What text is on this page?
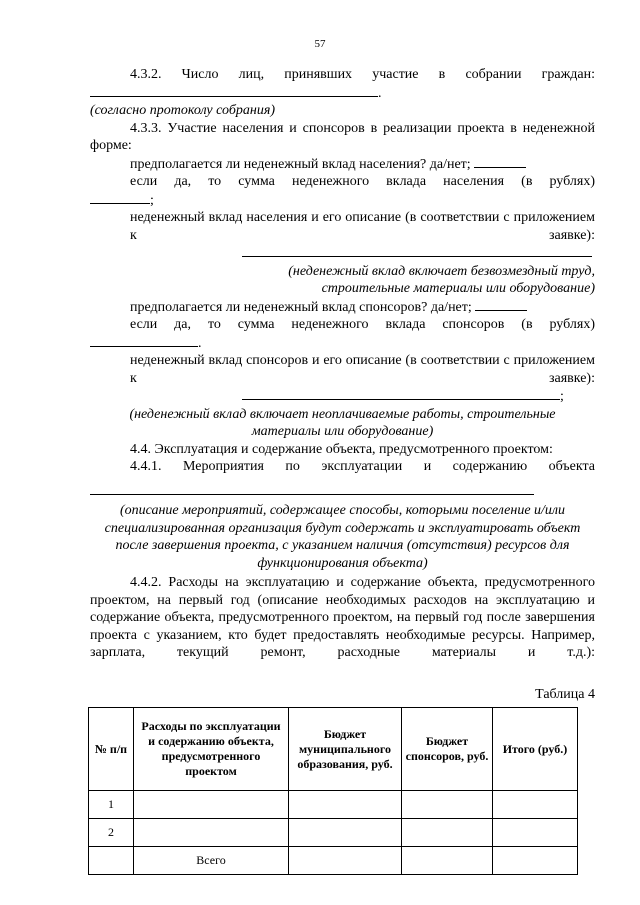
57

4.3.2. Число лиц, принявших участие в собрании граждан:

.

(согласно протоколу собрания)

4.3.3. Участие населения и спонсоров в реализации проекта в неденежной форме:

предполагается ли неденежный вклад населения? да/нет;

если да, то сумма неденежного вклада населения (в рублях)

;

неденежный вклад населения и его описание (в соответствии с приложением к заявке):

(неденежный вклад включает безвозмездный труд, строительные материалы или оборудование)

предполагается ли неденежный вклад спонсоров? да/нет;

если да, то сумма неденежного вклада спонсоров (в рублях)

.

неденежный вклад спонсоров и его описание (в соответствии с приложением к заявке):

;

(неденежный вклад включает неоплачиваемые работы, строительные материалы или оборудование)

4.4. Эксплуатация и содержание объекта, предусмотренного проектом:

4.4.1. Мероприятия по эксплуатации и содержанию объекта

(описание мероприятий, содержащее способы, которыми поселение и/или специализированная организация будут содержать и эксплуатировать объект после завершения проекта, с указанием наличия (отсутствия) ресурсов для функционирования объекта)

4.4.2. Расходы на эксплуатацию и содержание объекта, предусмотренного проектом, на первый год (описание необходимых расходов на эксплуатацию и содержание объекта, предусмотренного проектом, на первый год после завершения проекта с указанием, кто будет предоставлять необходимые ресурсы. Например, зарплата, текущий ремонт, расходные материалы и т.д.):

Таблица 4
№ п/п	Расходы по эксплуатации и содержанию объекта, предусмотренного проектом	Бюджет муниципального образования, руб.	Бюджет спонсоров, руб.	Итого (руб.)
1				
2				
	Всего			
